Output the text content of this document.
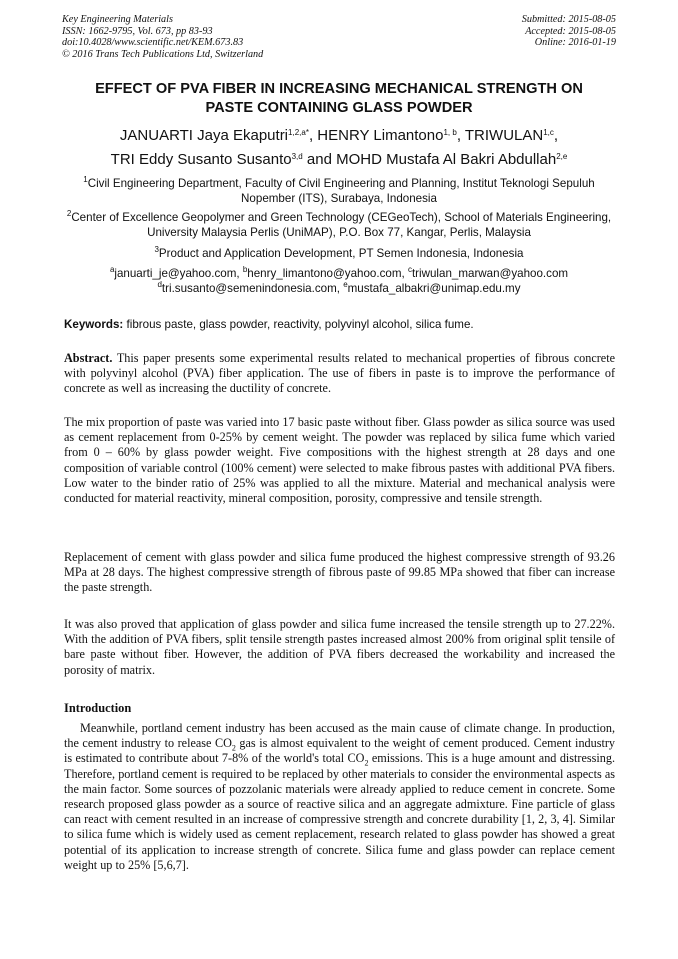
Key Engineering Materials
ISSN: 1662-9795, Vol. 673, pp 83-93
doi:10.4028/www.scientific.net/KEM.673.83
© 2016 Trans Tech Publications Ltd, Switzerland
Submitted: 2015-08-05
Accepted: 2015-08-05
Online: 2016-01-19
EFFECT OF PVA FIBER IN INCREASING MECHANICAL STRENGTH ON
PASTE CONTAINING GLASS POWDER
JANUARTI Jaya Ekaputri$^{1,2,a*}$, HENRY Limantono$^{1, b}$, TRIWULAN$^{1,c}$,
TRI Eddy Susanto Susanto$^{3,d}$ and MOHD Mustafa Al Bakri Abdullah$^{2,e}$
$^1$Civil Engineering Department, Faculty of Civil Engineering and Planning, Institut Teknologi Sepuluh Nopember (ITS), Surabaya, Indonesia
$^2$Center of Excellence Geopolymer and Green Technology (CEGeoTech), School of Materials Engineering, University Malaysia Perlis (UniMAP), P.O. Box 77, Kangar, Perlis, Malaysia
$^3$Product and Application Development, PT Semen Indonesia, Indonesia
$^a$januarti_je@yahoo.com, $^b$henry_limantono@yahoo.com, $^c$triwulan_marwan@yahoo.com
$^d$tri.susanto@semenindonesia.com, $^e$mustafa_albakri@unimap.edu.my
Keywords: fibrous paste, glass powder, reactivity, polyvinyl alcohol, silica fume.
Abstract. This paper presents some experimental results related to mechanical properties of fibrous concrete with polyvinyl alcohol (PVA) fiber application. The use of fibers in paste is to improve the performance of concrete as well as increasing the ductility of concrete.
The mix proportion of paste was varied into 17 basic paste without fiber. Glass powder as silica source was used as cement replacement from 0-25% by cement weight. The powder was replaced by silica fume which varied from 0 – 60% by glass powder weight. Five compositions with the highest strength at 28 days and one composition of variable control (100% cement) were selected to make fibrous pastes with additional PVA fibers. Low water to the binder ratio of 25% was applied to all the mixture. Material and mechanical analysis were conducted for material reactivity, mineral composition, porosity, compressive and tensile strength.
Replacement of cement with glass powder and silica fume produced the highest compressive strength of 93.26 MPa at 28 days. The highest compressive strength of fibrous paste of 99.85 MPa showed that fiber can increase the paste strength.
It was also proved that application of glass powder and silica fume increased the tensile strength up to 27.22%. With the addition of PVA fibers, split tensile strength pastes increased almost 200% from original split tensile of bare paste without fiber. However, the addition of PVA fibers decreased the workability and increased the porosity of matrix.
Introduction
Meanwhile, portland cement industry has been accused as the main cause of climate change. In production, the cement industry to release $CO_2$ gas is almost equivalent to the weight of cement produced. Cement industry is estimated to contribute about 7-8% of the world's total $CO_2$ emissions. This is a huge amount and distressing. Therefore, portland cement is required to be replaced by other materials to consider the environmental aspects as the main factor. Some sources of pozzolanic materials were already applied to reduce cement in concrete. Some research proposed glass powder as a source of reactive silica and an aggregate admixture. Fine particle of glass can react with cement resulted in an increase of compressive strength and concrete durability [1, 2, 3, 4]. Similar to silica fume which is widely used as cement replacement, research related to glass powder has showed a great potential of its application to increase strength of concrete. Silica fume and glass powder can replace cement weight up to 25% [5,6,7].
